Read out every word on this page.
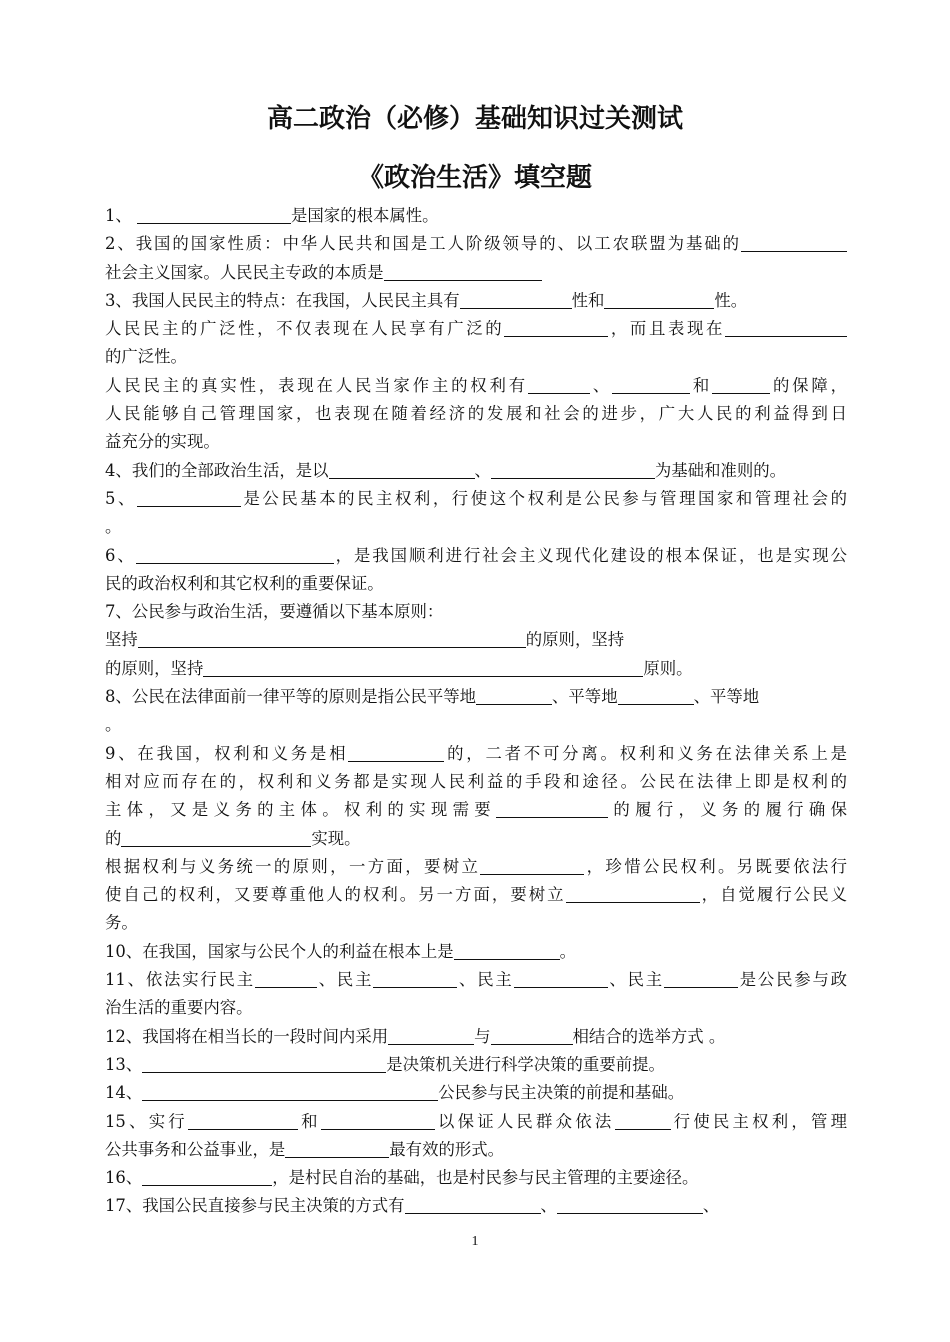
高二政治（必修）基础知识过关测试
《政治生活》填空题
1、	是国家的根本属性。
2、我国的国家性质：中华人民共和国是工人阶级领导的、以工农联盟为基础的
社会主义国家。人民民主专政的本质是
3、我国人民民主的特点：在我国，人民民主具有	性和	性。
人民民主的广泛性，不仅表现在人民享有广泛的	，而且表现在
的广泛性。
人民民主的真实性，表现在人民当家作主的权利有	、	和	的保障，
人民能够自己管理国家，也表现在随着经济的发展和社会的进步，广大人民的利益得到日
益充分的实现。
4、我们的全部政治生活，是以	、	为基础和准则的。
5、	是公民基本的民主权利，行使这个权利是公民参与管理国家和管理社会的
。
6、	，是我国顺利进行社会主义现代化建设的根本保证，也是实现公
民的政治权利和其它权利的重要保证。
7、公民参与政治生活，要遵循以下基本原则：
坚持	的原则，坚持
的原则，坚持	原则。
8、公民在法律面前一律平等的原则是指公民平等地	、平等地	、平等地
。
9、在我国，权利和义务是相	的，二者不可分离。权利和义务在法律关系上是
相对应而存在的，权利和义务都是实现人民利益的手段和途径。公民在法律上即是权利的
主体，又是义务的主体。权利的实现需要	的履行，义务的履行确保
的	实现。
根据权利与义务统一的原则，一方面，要树立	，珍惜公民权利。另既要依法行
使自己的权利，又要尊重他人的权利。另一方面，要树立	，自觉履行公民义
务。
10、在我国，国家与公民个人的利益在根本上是	。
11、依法实行民主	、民主	、民主	、民主	是公民参与政
治生活的重要内容。
12、我国将在相当长的一段时间内采用	与	相结合的选举方式 。
13、	是决策机关进行科学决策的重要前提。
14、	公民参与民主决策的前提和基础。
15、实行	和	以保证人民群众依法	行使民主权利，管理
公共事务和公益事业，是	最有效的形式。
16、	，是村民自治的基础，也是村民参与民主管理的主要途径。
17、我国公民直接参与民主决策的方式有	、	、
1
